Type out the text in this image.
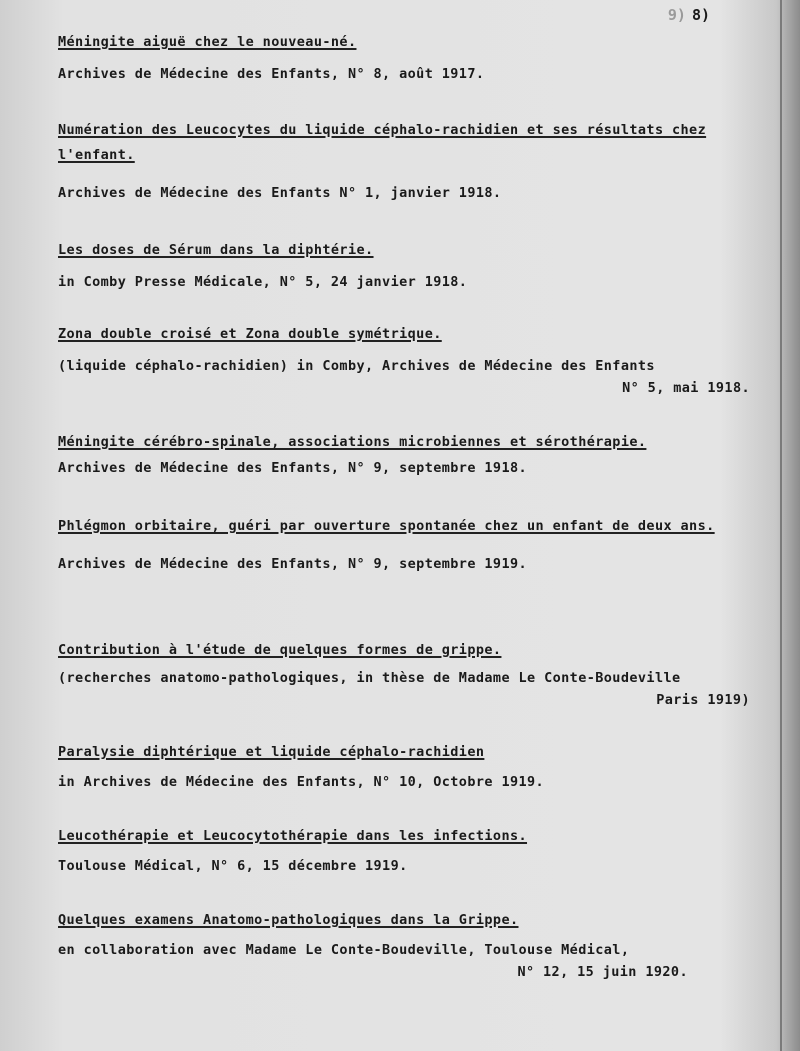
9) 8)

Méningite aiguë chez le nouveau-né.

Archives de Médecine des Enfants, N° 8, août 1917.

Numération des Leucocytes du liquide céphalo-rachidien et ses résultats chez l'enfant.

Archives de Médecine des Enfants N° 1, janvier 1918.

Les doses de Sérum dans la diphtérie.

in Comby Presse Médicale, N° 5, 24 janvier 1918.

Zona double croisé et Zona double symétrique.

(liquide céphalo-rachidien) in Comby, Archives de Médecine des Enfants

N° 5, mai 1918.

Méningite cérébro-spinale, associations microbiennes et sérothérapie.

Archives de Médecine des Enfants, N° 9, septembre 1918.

Phlégmon orbitaire, guéri par ouverture spontanée chez un enfant de deux ans.

Archives de Médecine des Enfants, N° 9, septembre 1919.

Contribution à l'étude de quelques formes de grippe.

(recherches anatomo-pathologiques, in thèse de Madame Le Conte-Boudeville

Paris 1919)

Paralysie diphtérique et liquide céphalo-rachidien

in Archives de Médecine des Enfants, N° 10, Octobre 1919.

Leucothérapie et Leucocytothérapie dans les infections.

Toulouse Médical, N° 6, 15 décembre 1919.

Quelques examens Anatomo-pathologiques dans la Grippe.

en collaboration avec Madame Le Conte-Boudeville, Toulouse Médical,

N° 12, 15 juin 1920.
